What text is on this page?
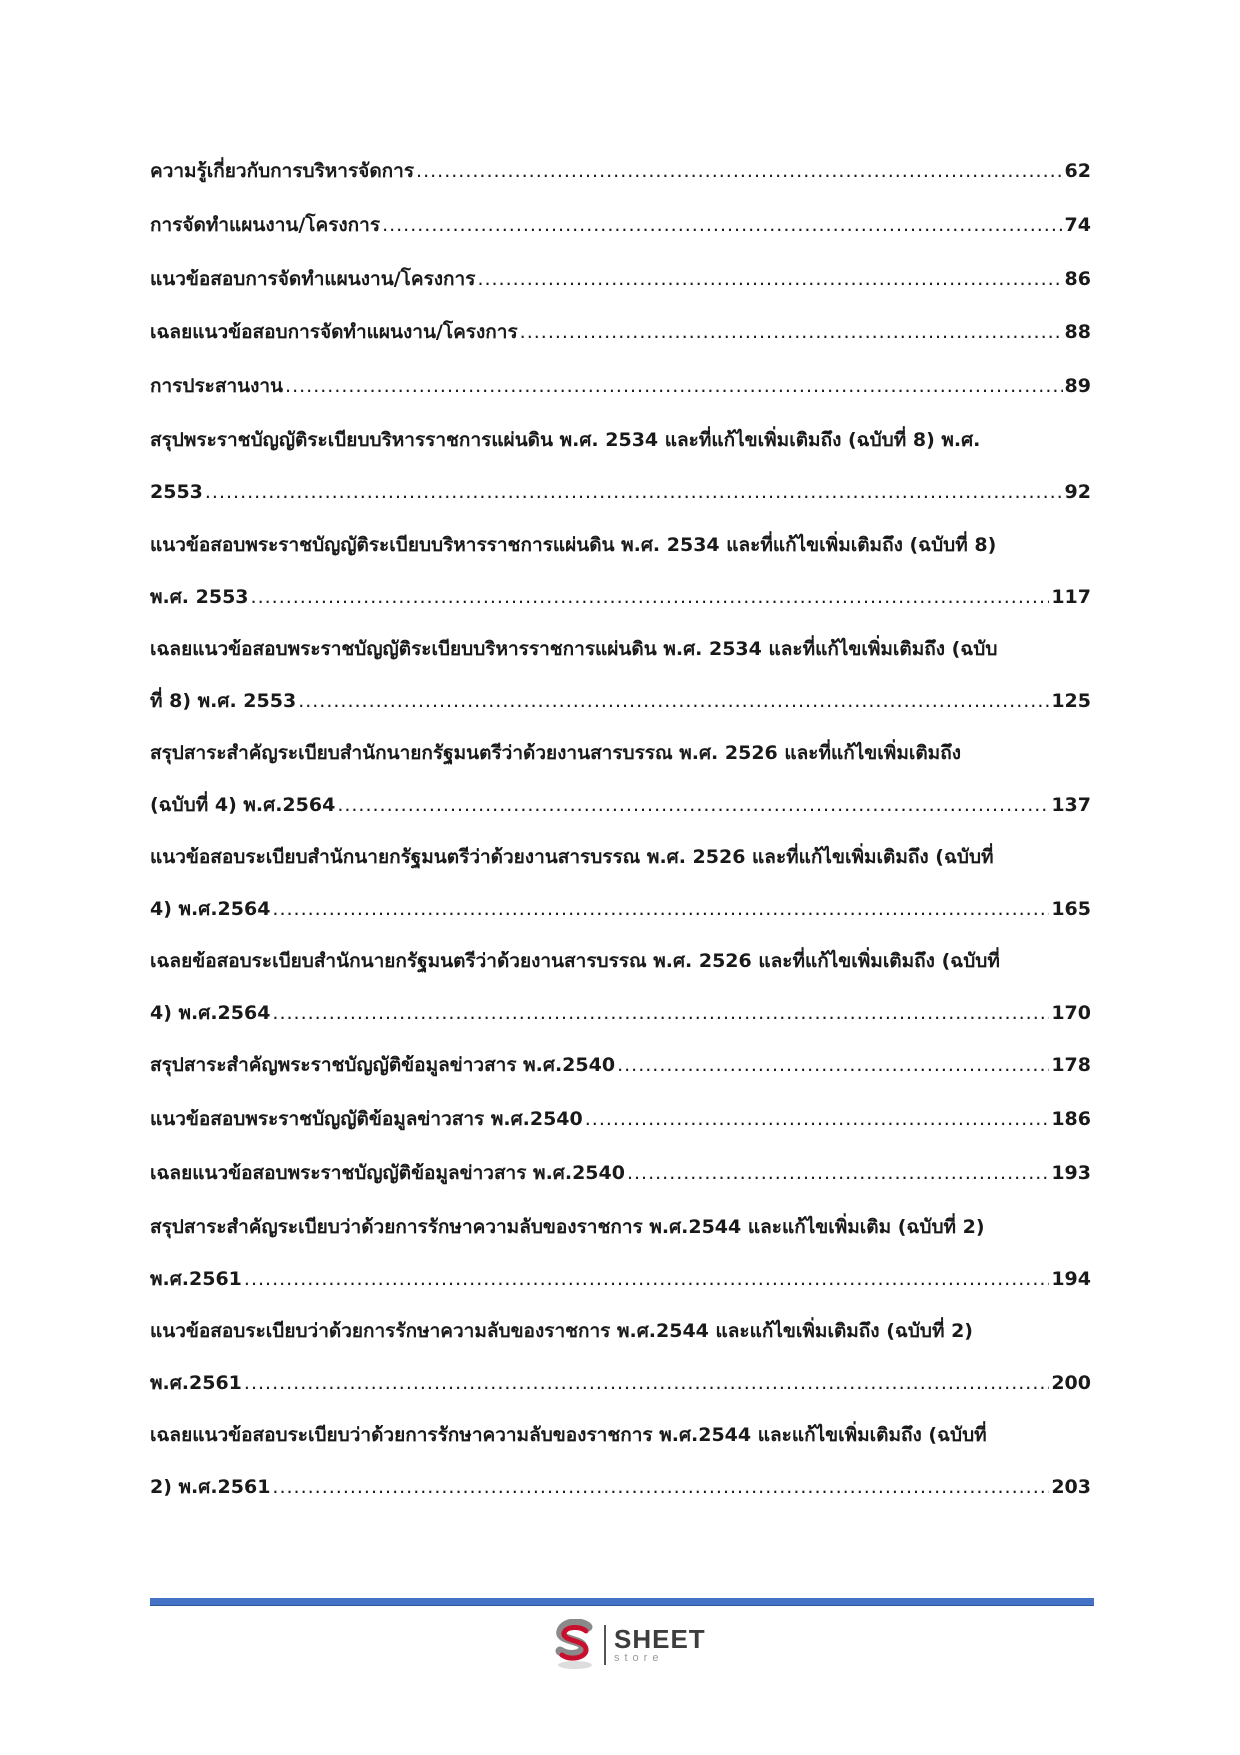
ความรู้เกี่ยวกับการบริหารจัดการ .....	62
การจัดทำแผนงาน/โครงการ .....	74
แนวข้อสอบการจัดทำแผนงาน/โครงการ .....	86
เฉลยแนวข้อสอบการจัดทำแผนงาน/โครงการ .....	88
การประสานงาน .....	89
สรุปพระราชบัญญัติระเบียบบริหารราชการแผ่นดิน พ.ศ. 2534 และที่แก้ไขเพิ่มเติมถึง (ฉบับที่ 8) พ.ศ.
2553 .....	92
แนวข้อสอบพระราชบัญญัติระเบียบบริหารราชการแผ่นดิน พ.ศ. 2534 และที่แก้ไขเพิ่มเติมถึง (ฉบับที่ 8)
พ.ศ. 2553 .....	117
เฉลยแนวข้อสอบพระราชบัญญัติระเบียบบริหารราชการแผ่นดิน พ.ศ. 2534 และที่แก้ไขเพิ่มเติมถึง (ฉบับ
ที่ 8) พ.ศ. 2553 .....	125
สรุปสาระสำคัญระเบียบสำนักนายกรัฐมนตรีว่าด้วยงานสารบรรณ พ.ศ. 2526 และที่แก้ไขเพิ่มเติมถึง
(ฉบับที่ 4) พ.ศ.2564 .....	137
แนวข้อสอบระเบียบสำนักนายกรัฐมนตรีว่าด้วยงานสารบรรณ พ.ศ. 2526 และที่แก้ไขเพิ่มเติมถึง (ฉบับที่
4) พ.ศ.2564 .....	165
เฉลยข้อสอบระเบียบสำนักนายกรัฐมนตรีว่าด้วยงานสารบรรณ พ.ศ. 2526 และที่แก้ไขเพิ่มเติมถึง (ฉบับที่
4) พ.ศ.2564 .....	170
สรุปสาระสำคัญพระราชบัญญัติข้อมูลข่าวสาร พ.ศ.2540 .....	178
แนวข้อสอบพระราชบัญญัติข้อมูลข่าวสาร พ.ศ.2540 .....	186
เฉลยแนวข้อสอบพระราชบัญญัติข้อมูลข่าวสาร พ.ศ.2540 .....	193
สรุปสาระสำคัญระเบียบว่าด้วยการรักษาความลับของราชการ พ.ศ.2544 และแก้ไขเพิ่มเติม (ฉบับที่ 2)
พ.ศ.2561 .....	194
แนวข้อสอบระเบียบว่าด้วยการรักษาความลับของราชการ พ.ศ.2544 และแก้ไขเพิ่มเติมถึง (ฉบับที่ 2)
พ.ศ.2561 .....	200
เฉลยแนวข้อสอบระเบียบว่าด้วยการรักษาความลับของราชการ พ.ศ.2544 และแก้ไขเพิ่มเติมถึง (ฉบับที่
2) พ.ศ.2561 .....	203
SHEET
store
